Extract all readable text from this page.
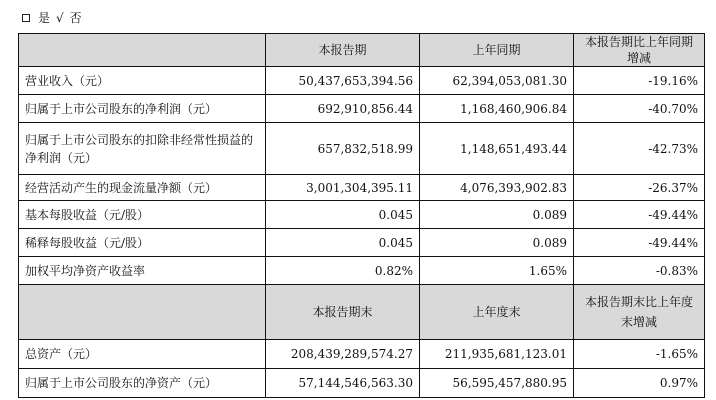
是 √ 否
	本报告期	上年同期	本报告期比上年同期增减
营业收入（元）	50,437,653,394.56	62,394,053,081.30	-19.16%
归属于上市公司股东的净利润（元）	692,910,856.44	1,168,460,906.84	-40.70%
归属于上市公司股东的扣除非经常性损益的净利润（元）	657,832,518.99	1,148,651,493.44	-42.73%
经营活动产生的现金流量净额（元）	3,001,304,395.11	4,076,393,902.83	-26.37%
基本每股收益（元/股）	0.045	0.089	-49.44%
稀释每股收益（元/股）	0.045	0.089	-49.44%
加权平均净资产收益率	0.82%	1.65%	-0.83%
	本报告期末	上年度末	本报告期末比上年度末增减
总资产（元）	208,439,289,574.27	211,935,681,123.01	-1.65%
归属于上市公司股东的净资产（元）	57,144,546,563.30	56,595,457,880.95	0.97%
